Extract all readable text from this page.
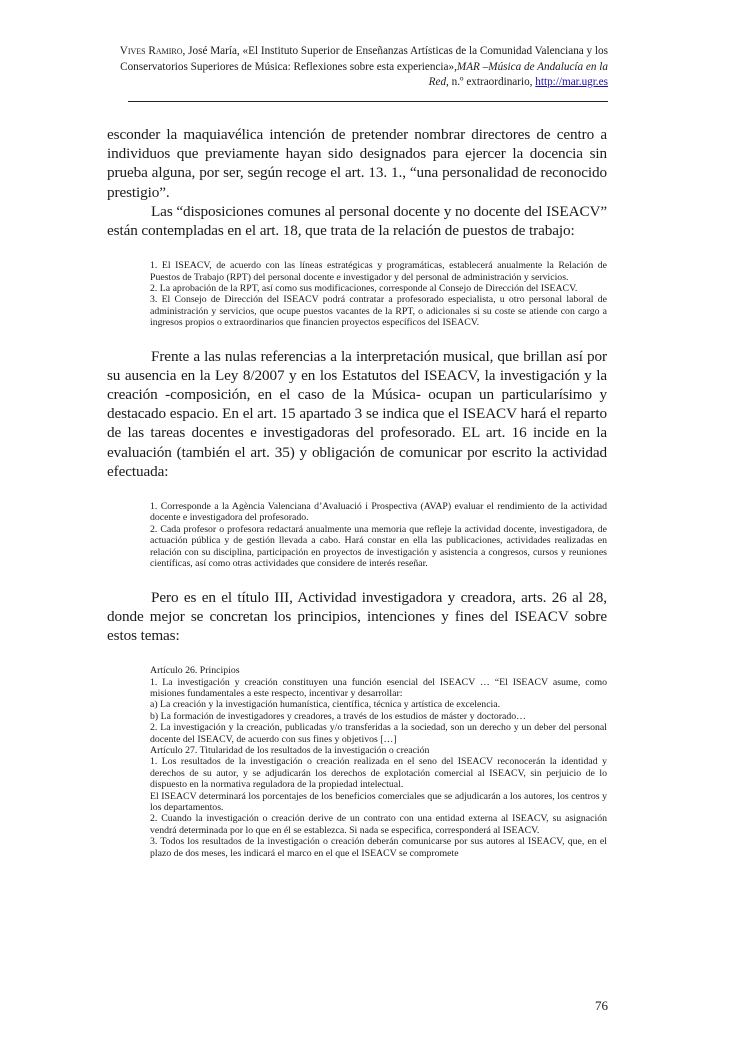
Vives Ramiro, José María, «El Instituto Superior de Enseñanzas Artísticas de la Comunidad Valenciana y los Conservatorios Superiores de Música: Reflexiones sobre esta experiencia»,MAR –Música de Andalucía en la Red, n.º extraordinario, http://mar.ugr.es

esconder la maquiavélica intención de pretender nombrar directores de centro a individuos que previamente hayan sido designados para ejercer la docencia sin prueba alguna, por ser, según recoge el art. 13. 1., “una personalidad de reconocido prestigio”.

Las “disposiciones comunes al personal docente y no docente del ISEACV” están contempladas en el art. 18, que trata de la relación de puestos de trabajo:

1. El ISEACV, de acuerdo con las líneas estratégicas y programáticas, establecerá anualmente la Relación de Puestos de Trabajo (RPT) del personal docente e investigador y del personal de administración y servicios.
2. La aprobación de la RPT, así como sus modificaciones, corresponde al Consejo de Dirección del ISEACV.
3. El Consejo de Dirección del ISEACV podrá contratar a profesorado especialista, u otro personal laboral de administración y servicios, que ocupe puestos vacantes de la RPT, o adicionales si su coste se atiende con cargo a ingresos propios o extraordinarios que financien proyectos específicos del ISEACV.

Frente a las nulas referencias a la interpretación musical, que brillan así por su ausencia en la Ley 8/2007 y en los Estatutos del ISEACV, la investigación y la creación -composición, en el caso de la Música- ocupan un particularísimo y destacado espacio. En el art. 15 apartado 3 se indica que el ISEACV hará el reparto de las tareas docentes e investigadoras del profesorado. EL art. 16 incide en la evaluación (también el art. 35) y obligación de comunicar por escrito la actividad efectuada:

1. Corresponde a la Agència Valenciana d’Avaluació i Prospectiva (AVAP) evaluar el rendimiento de la actividad docente e investigadora del profesorado.
2. Cada profesor o profesora redactará anualmente una memoria que refleje la actividad docente, investigadora, de actuación pública y de gestión llevada a cabo. Hará constar en ella las publicaciones, actividades realizadas en relación con su disciplina, participación en proyectos de investigación y asistencia a congresos, cursos y reuniones científicas, así como otras actividades que considere de interés reseñar.

Pero es en el título III, Actividad investigadora y creadora, arts. 26 al 28, donde mejor se concretan los principios, intenciones y fines del ISEACV sobre estos temas:

Artículo 26. Principios
1. La investigación y creación constituyen una función esencial del ISEACV … “El ISEACV asume, como misiones fundamentales a este respecto, incentivar y desarrollar:
a) La creación y la investigación humanística, científica, técnica y artística de excelencia.
b) La formación de investigadores y creadores, a través de los estudios de máster y doctorado…
2. La investigación y la creación, publicadas y/o transferidas a la sociedad, son un derecho y un deber del personal docente del ISEACV, de acuerdo con sus fines y objetivos […]
Artículo 27. Titularidad de los resultados de la investigación o creación
1. Los resultados de la investigación o creación realizada en el seno del ISEACV reconocerán la identidad y derechos de su autor, y se adjudicarán los derechos de explotación comercial al ISEACV, sin perjuicio de lo dispuesto en la normativa reguladora de la propiedad intelectual.
El ISEACV determinará los porcentajes de los beneficios comerciales que se adjudicarán a los autores, los centros y los departamentos.
2. Cuando la investigación o creación derive de un contrato con una entidad externa al ISEACV, su asignación vendrá determinada por lo que en él se establezca. Si nada se especifica, corresponderá al ISEACV.
3. Todos los resultados de la investigación o creación deberán comunicarse por sus autores al ISEACV, que, en el plazo de dos meses, les indicará el marco en el que el ISEACV se compromete
76
